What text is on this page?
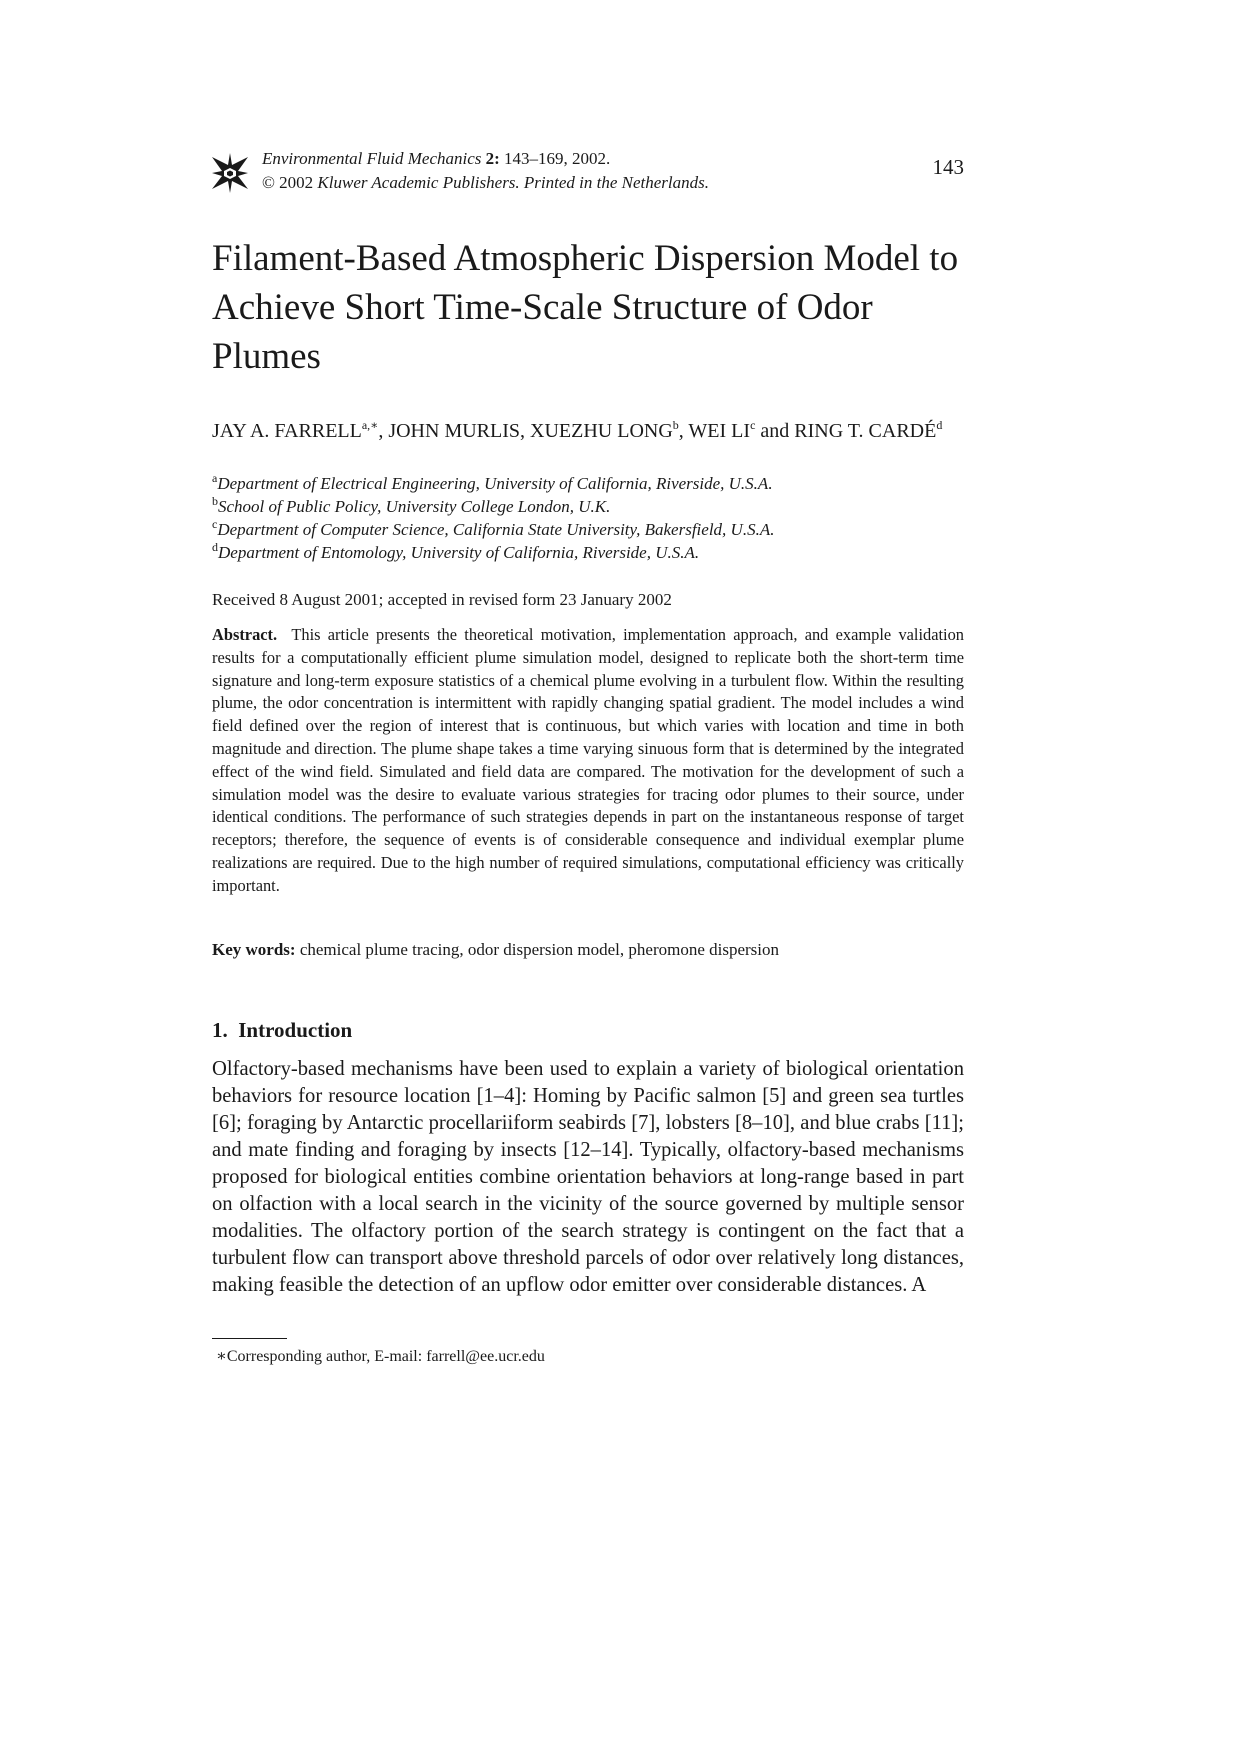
Environmental Fluid Mechanics 2: 143–169, 2002.
© 2002 Kluwer Academic Publishers. Printed in the Netherlands.
143
Filament-Based Atmospheric Dispersion Model to Achieve Short Time-Scale Structure of Odor Plumes
JAY A. $FARRELL^{a,∗}$, JOHN MURLIS, XUEZHU LONG$^b$, WEI $LI^c$ and RING T. CARDÉ$^d$
$^a$Department of Electrical Engineering, University of California, Riverside, U.S.A.
$^b$School of Public Policy, University College London, U.K.
$^c$Department of Computer Science, California State University, Bakersfield, U.S.A.
$^d$Department of Entomology, University of California, Riverside, U.S.A.
Received 8 August 2001; accepted in revised form 23 January 2002

Abstract. This article presents the theoretical motivation, implementation approach, and example validation results for a computationally efficient plume simulation model, designed to replicate both the short-term time signature and long-term exposure statistics of a chemical plume evolving in a turbulent flow. Within the resulting plume, the odor concentration is intermittent with rapidly changing spatial gradient. The model includes a wind field defined over the region of interest that is continuous, but which varies with location and time in both magnitude and direction. The plume shape takes a time varying sinuous form that is determined by the integrated effect of the wind field. Simulated and field data are compared. The motivation for the development of such a simulation model was the desire to evaluate various strategies for tracing odor plumes to their source, under identical conditions. The performance of such strategies depends in part on the instantaneous response of target receptors; therefore, the sequence of events is of considerable consequence and individual exemplar plume realizations are required. Due to the high number of required simulations, computational efficiency was critically important.

Key words: chemical plume tracing, odor dispersion model, pheromone dispersion
1. Introduction

Olfactory-based mechanisms have been used to explain a variety of biological orientation behaviors for resource location [1–4]: Homing by Pacific salmon [5] and green sea turtles [6]; foraging by Antarctic procellariiform seabirds [7], lobsters [8–10], and blue crabs [11]; and mate finding and foraging by insects [12–14]. Typically, olfactory-based mechanisms proposed for biological entities combine orientation behaviors at long-range based in part on olfaction with a local search in the vicinity of the source governed by multiple sensor modalities. The olfactory portion of the search strategy is contingent on the fact that a turbulent flow can transport above threshold parcels of odor over relatively long distances, making feasible the detection of an upflow odor emitter over considerable distances. A

∗Corresponding author, E-mail: farrell@ee.ucr.edu
